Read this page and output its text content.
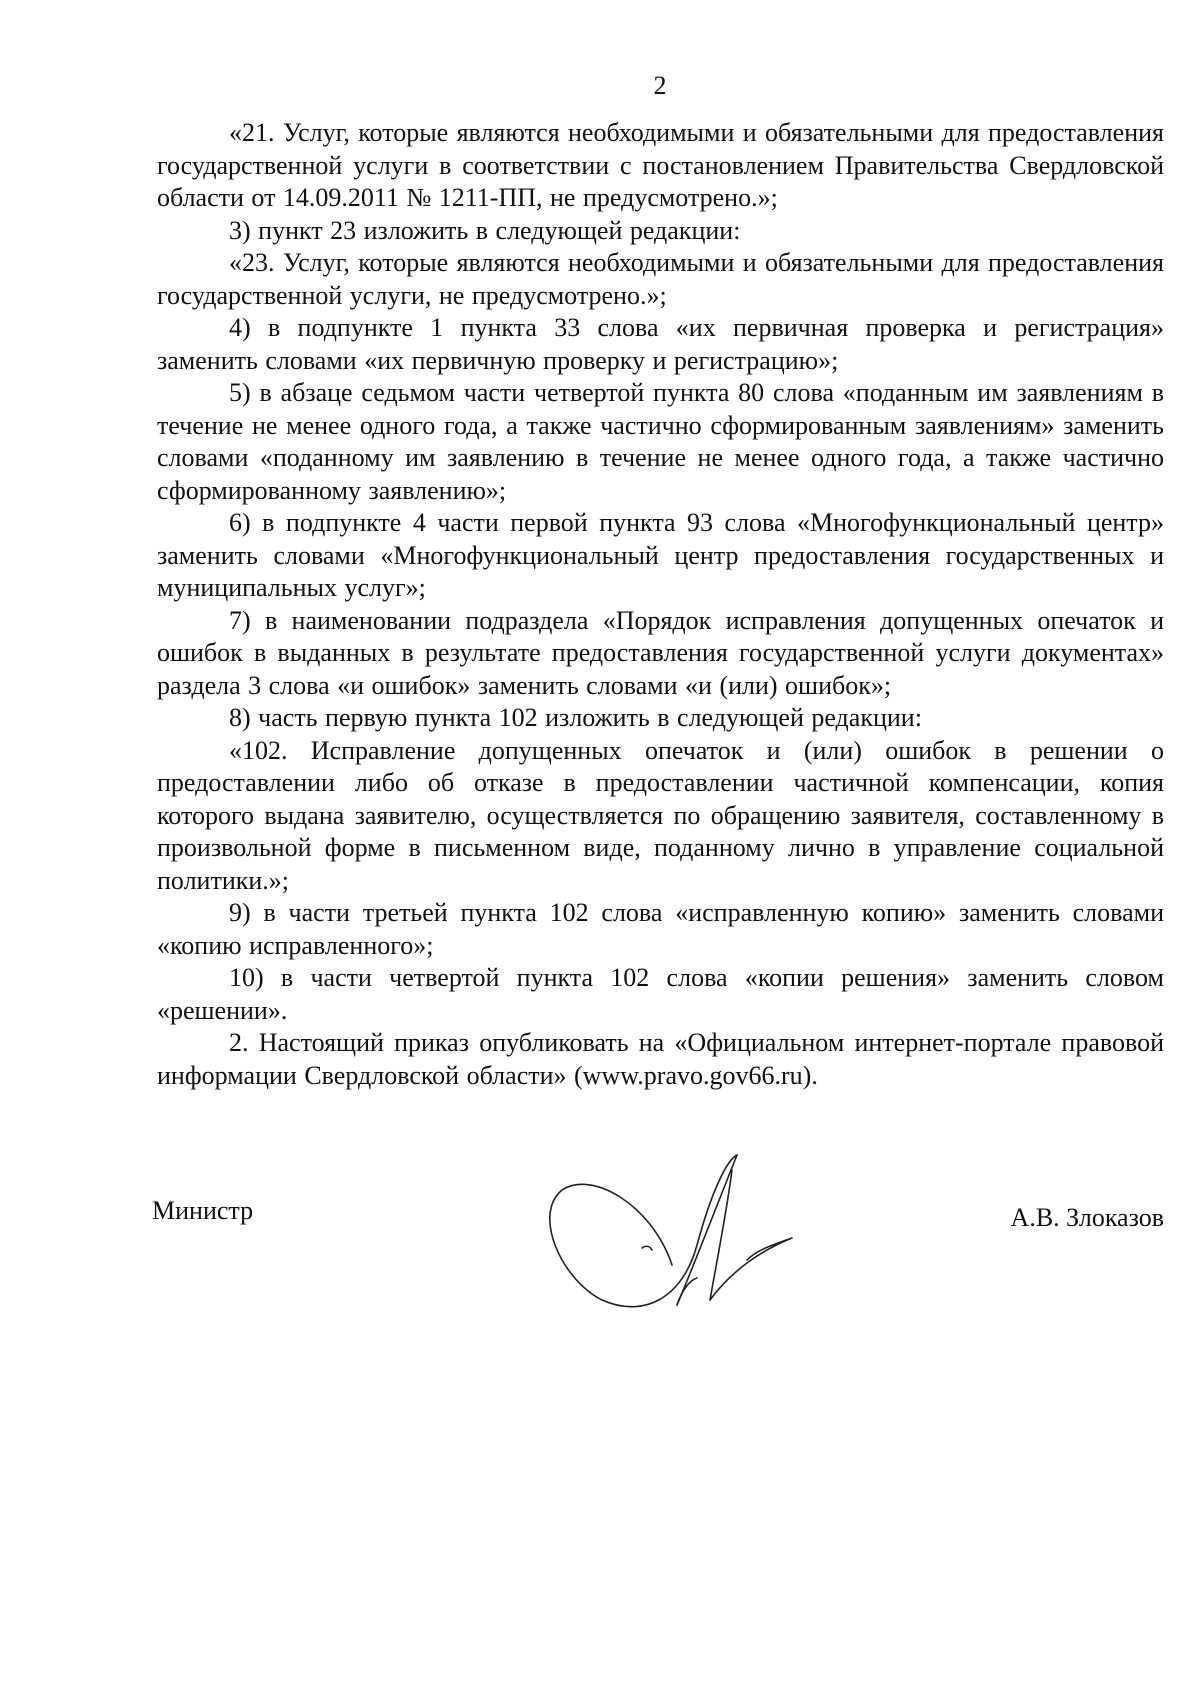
2

«21. Услуг, которые являются необходимыми и обязательными для предоставления государственной услуги в соответствии с постановлением Правительства Свердловской области от 14.09.2011 № 1211-ПП, не предусмотрено.»;

3) пункт 23 изложить в следующей редакции:

«23. Услуг, которые являются необходимыми и обязательными для предоставления государственной услуги, не предусмотрено.»;

4) в подпункте 1 пункта 33 слова «их первичная проверка и регистрация» заменить словами «их первичную проверку и регистрацию»;

5) в абзаце седьмом части четвертой пункта 80 слова «поданным им заявлениям в течение не менее одного года, а также частично сформированным заявлениям» заменить словами «поданному им заявлению в течение не менее одного года, а также частично сформированному заявлению»;

6) в подпункте 4 части первой пункта 93 слова «Многофункциональный центр» заменить словами «Многофункциональный центр предоставления государственных и муниципальных услуг»;

7) в наименовании подраздела «Порядок исправления допущенных опечаток и ошибок в выданных в результате предоставления государственной услуги документах» раздела 3 слова «и ошибок» заменить словами «и (или) ошибок»;

8) часть первую пункта 102 изложить в следующей редакции:

«102. Исправление допущенных опечаток и (или) ошибок в решении о предоставлении либо об отказе в предоставлении частичной компенсации, копия которого выдана заявителю, осуществляется по обращению заявителя, составленному в произвольной форме в письменном виде, поданному лично в управление социальной политики.»;

9) в части третьей пункта 102 слова «исправленную копию» заменить словами «копию исправленного»;

10) в части четвертой пункта 102 слова «копии решения» заменить словом «решении».

2. Настоящий приказ опубликовать на «Официальном интернет-портале правовой информации Свердловской области» (www.pravo.gov66.ru).

Министр	А.В. Злоказов
